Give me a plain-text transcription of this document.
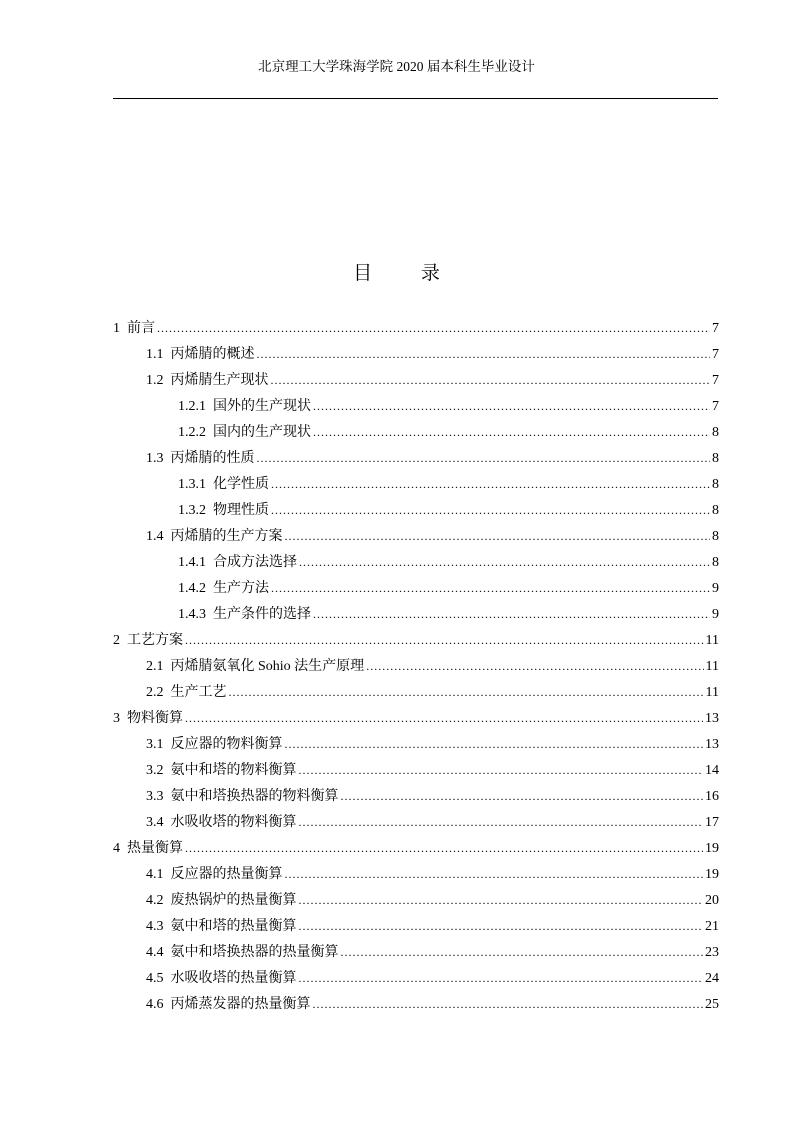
北京理工大学珠海学院 2020 届本科生毕业设计
目 录
1 前言 .....	7
1.1 丙烯腈的概述 .....	7
1.2 丙烯腈生产现状 .....	7
1.2.1 国外的生产现状 .....	7
1.2.2 国内的生产现状 .....	8
1.3 丙烯腈的性质 .....	8
1.3.1 化学性质 .....	8
1.3.2 物理性质 .....	8
1.4 丙烯腈的生产方案 .....	8
1.4.1 合成方法选择 .....	8
1.4.2 生产方法 .....	9
1.4.3 生产条件的选择 .....	9
2 工艺方案 .....	11
2.1 丙烯腈氨氧化 Sohio 法生产原理 .....	11
2.2 生产工艺 .....	11
3 物料衡算 .....	13
3.1 反应器的物料衡算 .....	13
3.2 氨中和塔的物料衡算 .....	14
3.3 氨中和塔换热器的物料衡算 .....	16
3.4 水吸收塔的物料衡算 .....	17
4 热量衡算 .....	19
4.1 反应器的热量衡算 .....	19
4.2 废热锅炉的热量衡算 .....	20
4.3 氨中和塔的热量衡算 .....	21
4.4 氨中和塔换热器的热量衡算 .....	23
4.5 水吸收塔的热量衡算 .....	24
4.6 丙烯蒸发器的热量衡算 .....	25
